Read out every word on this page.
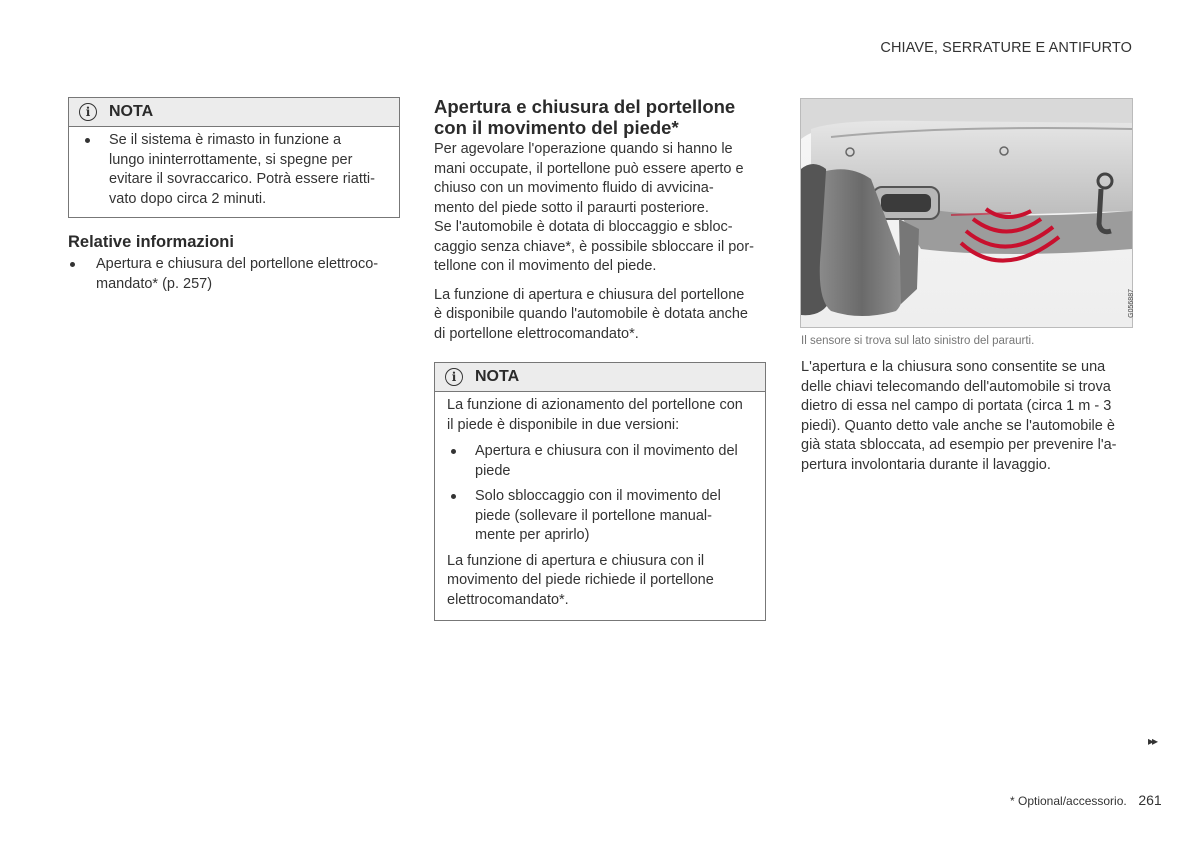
CHIAVE, SERRATURE E ANTIFURTO
i	NOTA
Se il sistema è rimasto in funzione a
lungo ininterrottamente, si spegne per
evitare il sovraccarico. Potrà essere riatti-
vato dopo circa 2 minuti.
Relative informazioni
Apertura e chiusura del portellone elettroco-
mandato* (p. 257)
Apertura e chiusura del portellone
con il movimento del piede*
Per agevolare l'operazione quando si hanno le
mani occupate, il portellone può essere aperto e
chiuso con un movimento fluido di avvicina-
mento del piede sotto il paraurti posteriore.
Se l'automobile è dotata di bloccaggio e sbloc-
caggio senza chiave*, è possibile sbloccare il por-
tellone con il movimento del piede.
La funzione di apertura e chiusura del portellone
è disponibile quando l'automobile è dotata anche
di portellone elettrocomandato*.
i	NOTA
La funzione di azionamento del portellone con
il piede è disponibile in due versioni:
Apertura e chiusura con il movimento del
piede
Solo sbloccaggio con il movimento del
piede (sollevare il portellone manual-
mente per aprirlo)
La funzione di apertura e chiusura con il
movimento del piede richiede il portellone
elettrocomandato*.
G056887
Il sensore si trova sul lato sinistro del paraurti.
L'apertura e la chiusura sono consentite se una
delle chiavi telecomando dell'automobile si trova
dietro di essa nel campo di portata (circa 1 m - 3
piedi). Quanto detto vale anche se l'automobile è
già stata sbloccata, ad esempio per prevenire l'a-
pertura involontaria durante il lavaggio.
▸▸
* Optional/accessorio. 261
